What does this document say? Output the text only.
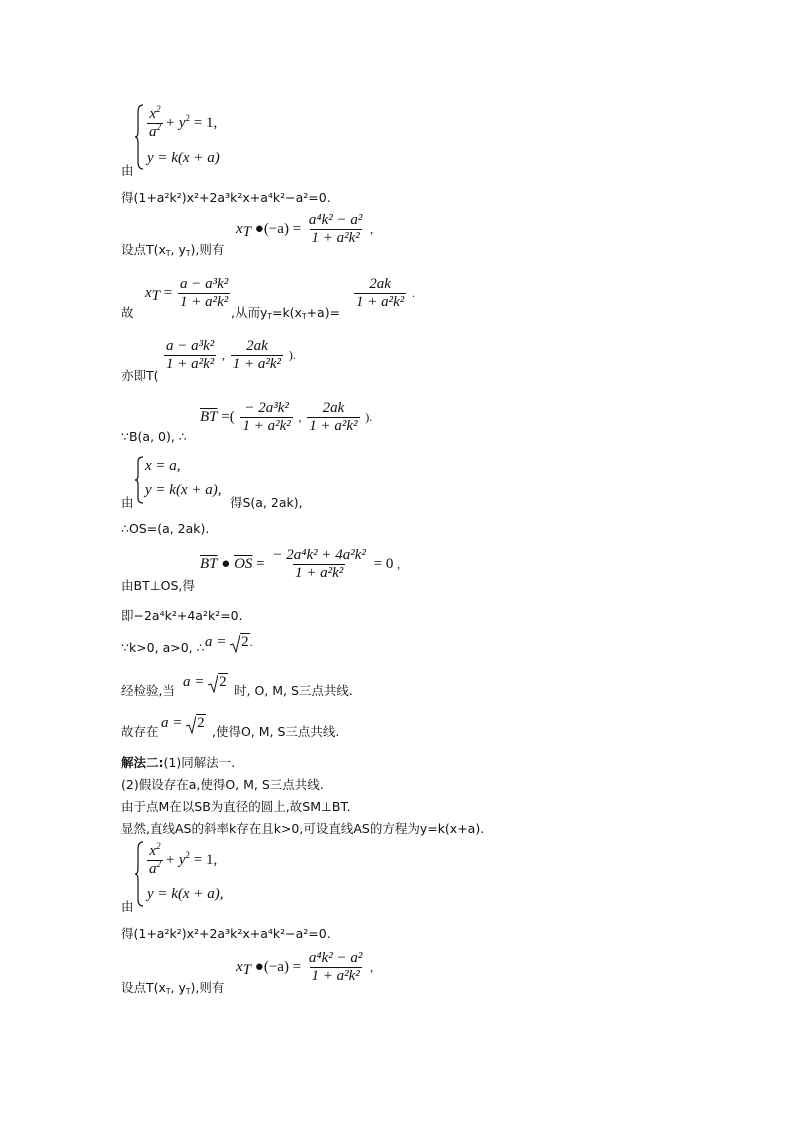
$\frac{x^2}{a^2} + y^2 = 1$,
y = k(x + a)
由
得(1+a²k²)x²+2a³k²x+a⁴k²−a²=0.
设点T(xT, yT),则有
$x_T$ ●(−a) = $\frac{\text{a⁴k² − a²}}{\text{1 + a²k²}}$ ,
故
$x_T = \frac{\text{a − a³k²}}{\text{1 + a²k²}}$
,从而yT=k(xT+a)=
$\frac{2ak}{\text{1 + a²k²}}$ .
亦即T(
$\frac{\text{a − a³k²}}{\text{1 + a²k²}}$ , $\frac{2ak}{\text{1 + a²k²}}$ ).
∵B(a, 0), ∴
$\overline{BT}$ =( $\frac{\text{− 2a³k²}}{\text{1 + a²k²}}$ , $\frac{2ak}{\text{1 + a²k²}}$ ).
x = a,
y = k(x + a),
由	得S(a, 2ak),
∴OS=(a, 2ak).
由BT⊥OS,得
$\overline{BT}$ ● $\overline{OS} = \frac{\text{− 2a⁴k² + 4a²k²}}{\text{1 + a²k²}} = 0$ ,
即−2a⁴k²+4a²k²=0.
∵k>0, a>0, ∴ a = 2.
经检验,当
a = 2
时, O, M, S三点共线.
故存在
a = 2
,使得O, M, S三点共线.
解法二:(1)同解法一.
(2)假设存在a,使得O, M, S三点共线.
由于点M在以SB为直径的圆上,故SM⊥BT.
显然,直线AS的斜率k存在且k>0,可设直线AS的方程为y=k(x+a).
$\frac{x^2}{a^2} + y^2 = 1$,
y = k(x + a),
由
得(1+a²k²)x²+2a³k²x+a⁴k²−a²=0.
设点T(xT, yT),则有
$x_T$ ●(−a) = $\frac{\text{a⁴k² − a²}}{\text{1 + a²k²}}$ ,
